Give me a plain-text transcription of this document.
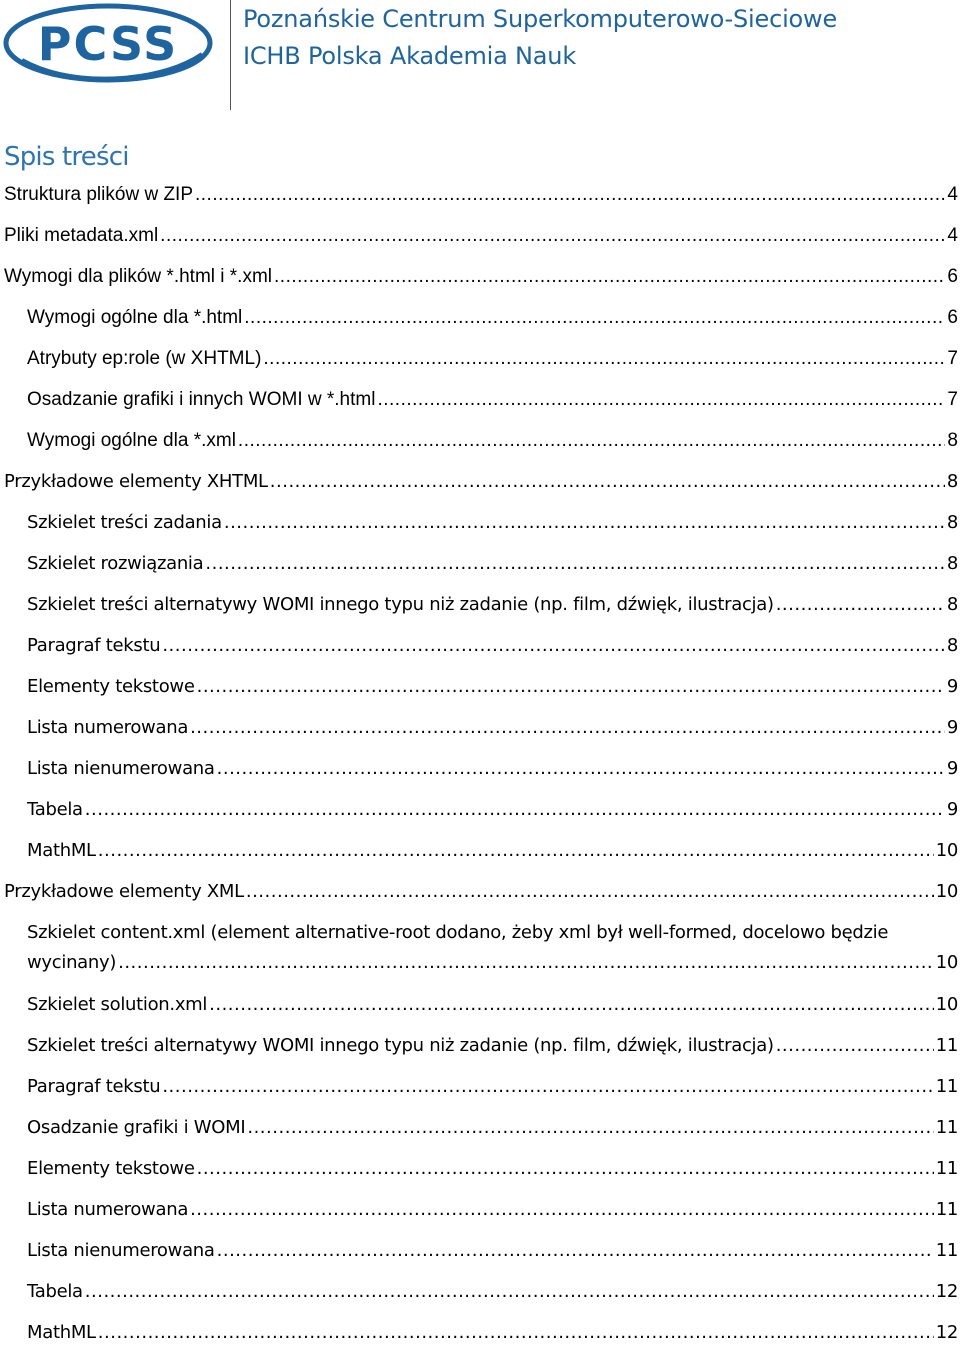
PCSS	Poznańskie Centrum Superkomputerowo-Sieciowe
ICHB Polska Akademia Nauk
Spis treści
Struktura plików w ZIP .....	4
Pliki metadata.xml .....	4
Wymogi dla plików *.html i *.xml .....	6
Wymogi ogólne dla *.html .....	6
Atrybuty ep:role (w XHTML) .....	7
Osadzanie grafiki i innych WOMI w *.html .....	7
Wymogi ogólne dla *.xml .....	8
Przykładowe elementy XHTML .....	8
Szkielet treści zadania .....	8
Szkielet rozwiązania .....	8
Szkielet treści alternatywy WOMI innego typu niż zadanie (np. film, dźwięk, ilustracja) .....	8
Paragraf tekstu .....	8
Elementy tekstowe .....	9
Lista numerowana .....	9
Lista nienumerowana .....	9
Tabela .....	9
MathML .....	10
Przykładowe elementy XML .....	10
Szkielet content.xml (element alternative-root dodano, żeby xml był well-formed, docelowo będzie
wycinany) .....	10
Szkielet solution.xml .....	10
Szkielet treści alternatywy WOMI innego typu niż zadanie (np. film, dźwięk, ilustracja) .....	11
Paragraf tekstu .....	11
Osadzanie grafiki i WOMI .....	11
Elementy tekstowe .....	11
Lista numerowana .....	11
Lista nienumerowana .....	11
Tabela .....	12
MathML .....	12
